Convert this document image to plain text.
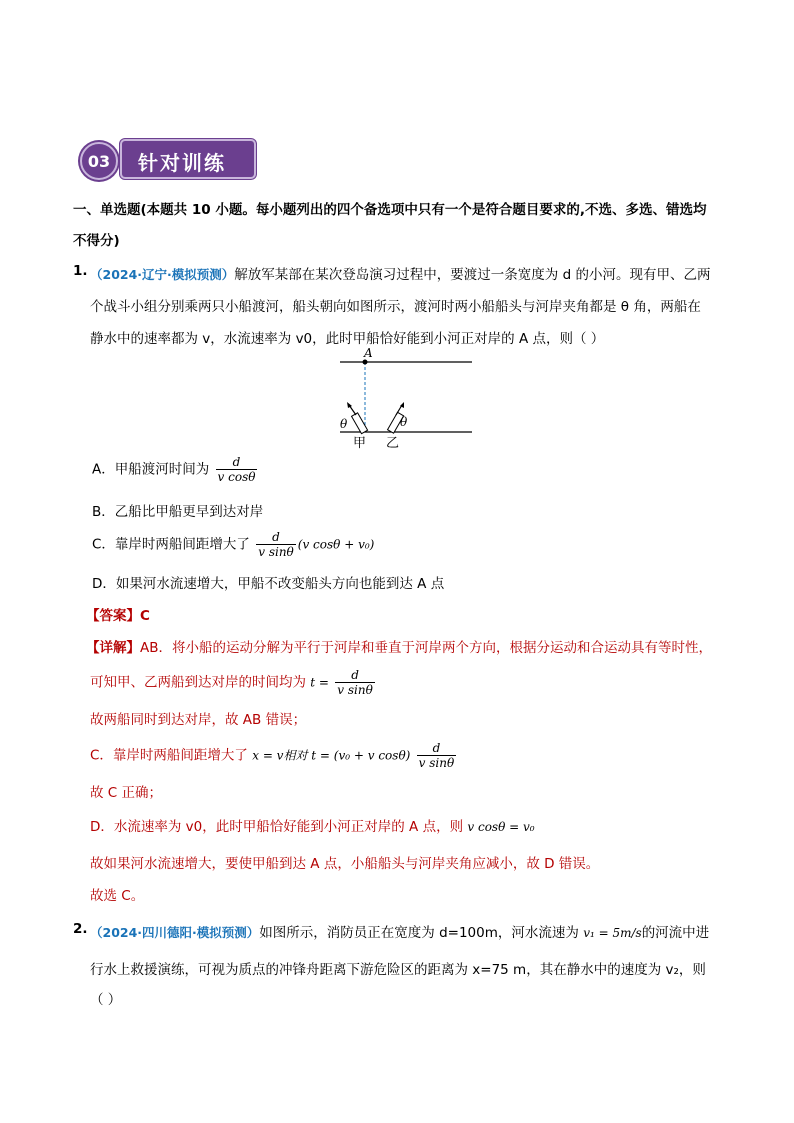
03	针对训练
一、单选题(本题共 10 小题。每小题列出的四个备选项中只有一个是符合题目要求的,不选、多选、错选均
不得分)
1. （2024·辽宁·模拟预测）解放军某部在某次登岛演习过程中，要渡过一条宽度为 d 的小河。现有甲、乙两
个战斗小组分别乘两只小船渡河，船头朝向如图所示，渡河时两小船船头与河岸夹角都是 θ 角，两船在
静水中的速率都为 v，水流速率为 v0，此时甲船恰好能到小河正对岸的 A 点，则（ ）
A
θ	θ
甲 乙
A．甲船渡河时间为 $\frac{d}{\text{v cosθ}}$
B．乙船比甲船更早到达对岸
C．靠岸时两船间距增大了 $\frac{d}{\text{v sinθ}} (v$ cosθ + v₀)
D．如果河水流速增大，甲船不改变船头方向也能到达 A 点
【答案】C
【详解】AB．将小船的运动分解为平行于河岸和垂直于河岸两个方向，根据分运动和合运动具有等时性，
可知甲、乙两船到达对岸的时间均为 $t = \frac{d}{\text{v sinθ}}$
故两船同时到达对岸，故 AB 错误；
C．靠岸时两船间距增大了 x = v相对 t = (v₀ + v $\cos\theta) \frac{d}{\text{v sinθ}}$
故 C 正确；
D．水流速率为 v0，此时甲船恰好能到小河正对岸的 A 点，则 v cosθ = v₀
故如果河水流速增大，要使甲船到达 A 点，小船船头与河岸夹角应减小，故 D 错误。
故选 C。
2. （2024·四川德阳·模拟预测）如图所示，消防员正在宽度为 d=100m，河水流速为 v₁ = 5m/s的河流中进
行水上救援演练，可视为质点的冲锋舟距离下游危险区的距离为 x=75 m，其在静水中的速度为 v₂，则
（ ）
